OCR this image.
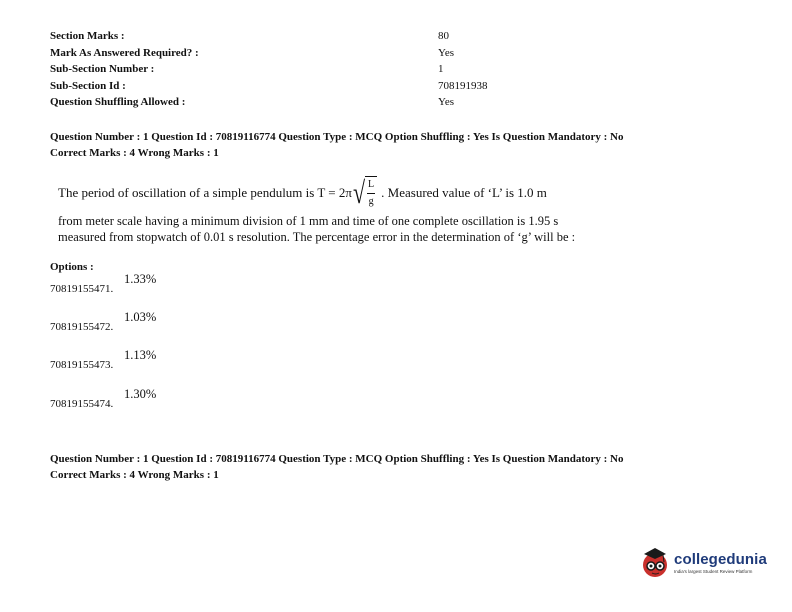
Section Marks :	80
Mark As Answered Required? :	Yes
Sub-Section Number :	1
Sub-Section Id :	708191938
Question Shuffling Allowed :	Yes
Question Number : 1 Question Id : 70819116774 Question Type : MCQ Option Shuffling : Yes Is Question Mandatory : No
Correct Marks : 4 Wrong Marks : 1
The period of oscillation of a simple pendulum is T = 2π √ $\frac{L}{g}$ . Measured value of ‘L’ is 1.0 m
from meter scale having a minimum division of 1 mm and time of one complete oscillation is 1.95 s measured from stopwatch of 0.01 s resolution. The percentage error in the determination of ‘g’ will be :
Options :
70819155471.
1.33%
70819155472.
1.03%
70819155473.
1.13%
70819155474.
1.30%
Question Number : 1 Question Id : 70819116774 Question Type : MCQ Option Shuffling : Yes Is Question Mandatory : No
Correct Marks : 4 Wrong Marks : 1
collegedunia
India's largest Student Review Platform
